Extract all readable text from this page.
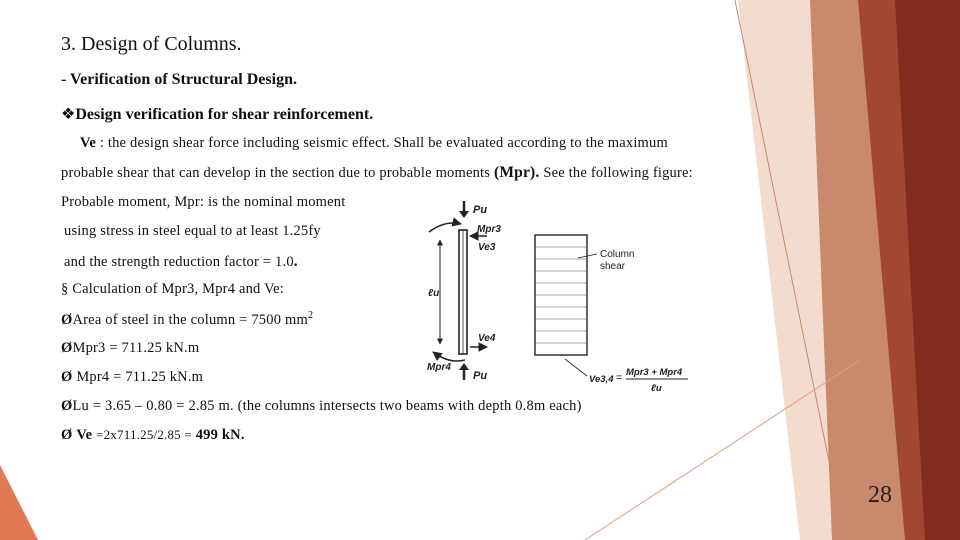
3. Design of Columns.
- Verification of Structural Design.
❖Design verification for shear reinforcement.
Ve : the design shear force including seismic effect. Shall be evaluated according to the maximum
probable shear that can develop in the section due to probable moments (Mpr). See the following figure:
Probable moment, Mpr: is the nominal moment
using stress in steel equal to at least 1.25fy
and the strength reduction factor = 1.0.
§ Calculation of Mpr3, Mpr4 and Ve:
ØArea of steel in the column = 7500 $mm^2$
ØMpr3 = 711.25 kN.m
Ø Mpr4 = 711.25 kN.m
ØLu = 3.65 – 0.80 = 2.85 m. (the columns intersects two beams with depth 0.8m each)
Ø Ve =2x711.25/2.85 = 499 kN.
28
Pu
Mpr3
Ve3
ℓu
Ve4
Mpr4
Pu
Column
shear
Ve3,4 = Mpr3 + Mpr4
ℓu
